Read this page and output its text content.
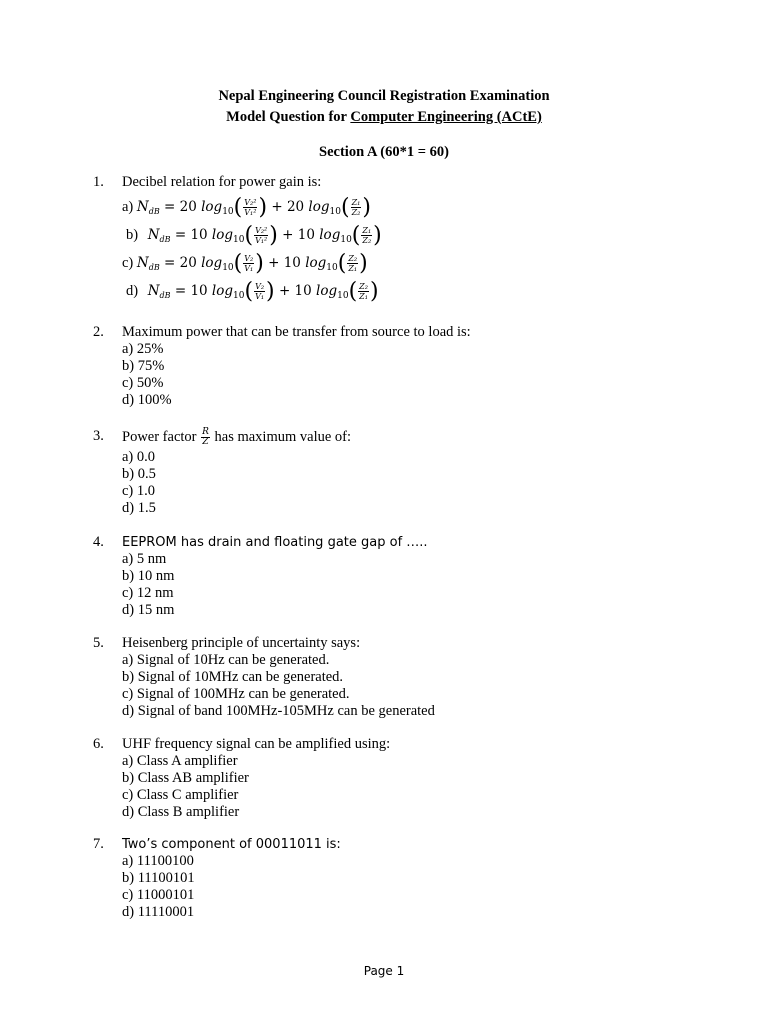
Nepal Engineering Council Registration Examination
Model Question for Computer Engineering (ACtE)
Section A (60*1 = 60)
1. Decibel relation for power gain is:
a) $N_{dB} = 20$ $\log_{10}( \frac{\text{V₂²}}{\text{V₁²}}$ ) + 20 $\log_{10}( \frac{\text{Z₁}}{\text{Z₂}}$ )
b) $N_{dB} = 10$ $\log_{10}( \frac{\text{V₂²}}{\text{V₁²}}$ ) + 10 $\log_{10}( \frac{\text{Z₁}}{\text{Z₂}}$ )
c) $N_{dB} = 20$ $\log_{10}( \frac{\text{V₂}}{\text{V₁}}$ ) + 10 $\log_{10}( \frac{\text{Z₂}}{\text{Z₁}}$ )
d) $N_{dB} = 10$ $\log_{10}( \frac{\text{V₂}}{\text{V₁}}$ ) + 10 $\log_{10}( \frac{\text{Z₂}}{\text{Z₁}}$ )
2. Maximum power that can be transfer from source to load is:
a) 25%
b) 75%
c) 50%
d) 100%
3. Power factor $\frac{R}{Z}$ has maximum value of:
a) 0.0
b) 0.5
c) 1.0
d) 1.5
4. EEPROM has drain and floating gate gap of …..
a) 5 nm
b) 10 nm
c) 12 nm
d) 15 nm
5. Heisenberg principle of uncertainty says:
a) Signal of 10Hz can be generated.
b) Signal of 10MHz can be generated.
c) Signal of 100MHz can be generated.
d) Signal of band 100MHz-105MHz can be generated
6. UHF frequency signal can be amplified using:
a) Class A amplifier
b) Class AB amplifier
c) Class C amplifier
d) Class B amplifier
7. Two’s component of 00011011 is:
a) 11100100
b) 11100101
c) 11000101
d) 11110001
Page 1
